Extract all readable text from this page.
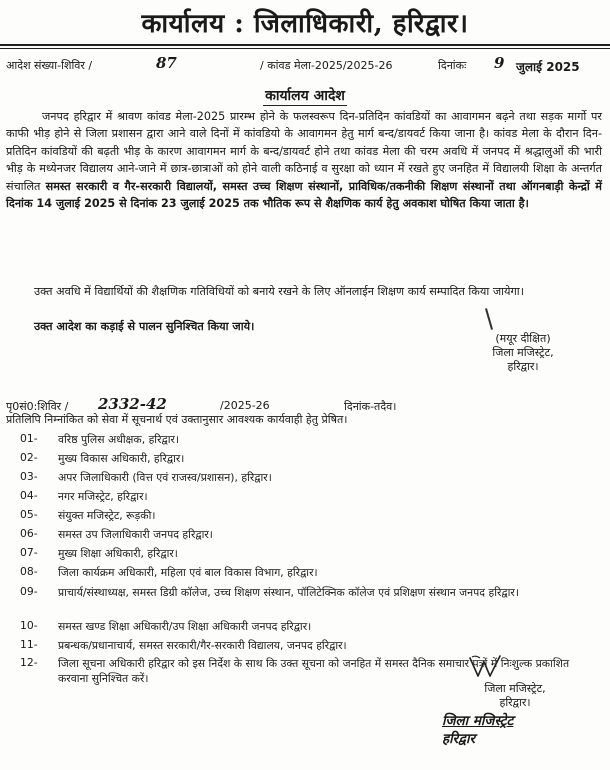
कार्यालय : जिलाधिकारी, हरिद्वार।
आदेश संख्या-शिविर /	87	/ कांवड मेला-2025/2025-26	दिनांकः 9 जुलाई 2025
कार्यालय आदेश
जनपद हरिद्वार में श्रावण कांवड मेला-2025 प्रारम्भ होने के फलस्वरूप दिन-प्रतिदिन कांवडियों का आवागमन बढ़ने तथा सड़क मार्गो पर काफी भीड़ होने से जिला प्रशासन द्वारा आने वाले दिनों में कांवडियो के आवागमन हेतु मार्ग बन्द/डायवर्ट किया जाना है। कांवड मेला के दौरान दिन-प्रतिदिन कांवडियों की बढ़ती भीड़ के कारण आवागमन मार्ग के बन्द/डायवर्ट होने तथा कांवड मेला की चरम अवधि में जनपद में श्रद्धालुओं की भारी भीड़ के मध्येनजर विद्यालय आने-जाने में छात्र-छात्राओं को होने वाली कठिनाई व सुरक्षा को ध्यान में रखते हुए जनहित में विद्यालयी शिक्षा के अन्तर्गत संचालित समस्त सरकारी व गैर-सरकारी विद्यालयों, समस्त उच्च शिक्षण संस्थानों, प्राविधिक/तकनीकी शिक्षण संस्थानों तथा ऑगनबाड़ी केन्द्रों में दिनांक 14 जुलाई 2025 से दिनांक 23 जुलाई 2025 तक भौतिक रूप से शैक्षणिक कार्य हेतु अवकाश घोषित किया जाता है।
उक्त अवधि में विद्यार्थियों की शैक्षणिक गतिविधियों को बनाये रखने के लिए ऑनलाईन शिक्षण कार्य सम्पादित किया जायेगा।
उक्त आदेश का कड़ाई से पालन सुनिश्चित किया जाये।
(मयूर दीक्षित)
जिला मजिस्ट्रेट,
हरिद्वार।
पृ0सं0:शिविर / 2332-42	/2025-26	दिनांक-तदैव।
प्रतिलिपि निम्नांकित को सेवा में सूचनार्थ एवं उक्तानुसार आवश्यक कार्यवाही हेतु प्रेषित।
01-	वरिष्ठ पुलिस अधीक्षक, हरिद्वार।
02-	मुख्य विकास अधिकारी, हरिद्वार।
03-	अपर जिलाधिकारी (वित्त एवं राजस्व/प्रशासन), हरिद्वार।
04-	नगर मजिस्ट्रेट, हरिद्वार।
05-	संयुक्त मजिस्ट्रेट, रूड़की।
06-	समस्त उप जिलाधिकारी जनपद हरिद्वार।
07-	मुख्य शिक्षा अधिकारी, हरिद्वार।
08-	जिला कार्यक्रम अधिकारी, महिला एवं बाल विकास विभाग, हरिद्वार।
09-	प्राचार्य/संस्थाध्यक्ष, समस्त डिग्री कॉलेज, उच्च शिक्षण संस्थान, पॉलिटेक्निक कॉलेज एवं प्रशिक्षण संस्थान जनपद हरिद्वार।
10-	समस्त खण्ड शिक्षा अधिकारी/उप शिक्षा अधिकारी जनपद हरिद्वार।
11-	प्रबन्धक/प्रधानाचार्य, समस्त सरकारी/गैर-सरकारी विद्यालय, जनपद हरिद्वार।
12-	जिला सूचना अधिकारी हरिद्वार को इस निर्देश के साथ कि उक्त सूचना को जनहित में समस्त दैनिक समाचार पत्रों में निःशुल्क प्रकाशित करवाना सुनिश्चित करें।
जिला मजिस्ट्रेट,
हरिद्वार।
जिला मजिस्ट्रेट
हरिद्वार
